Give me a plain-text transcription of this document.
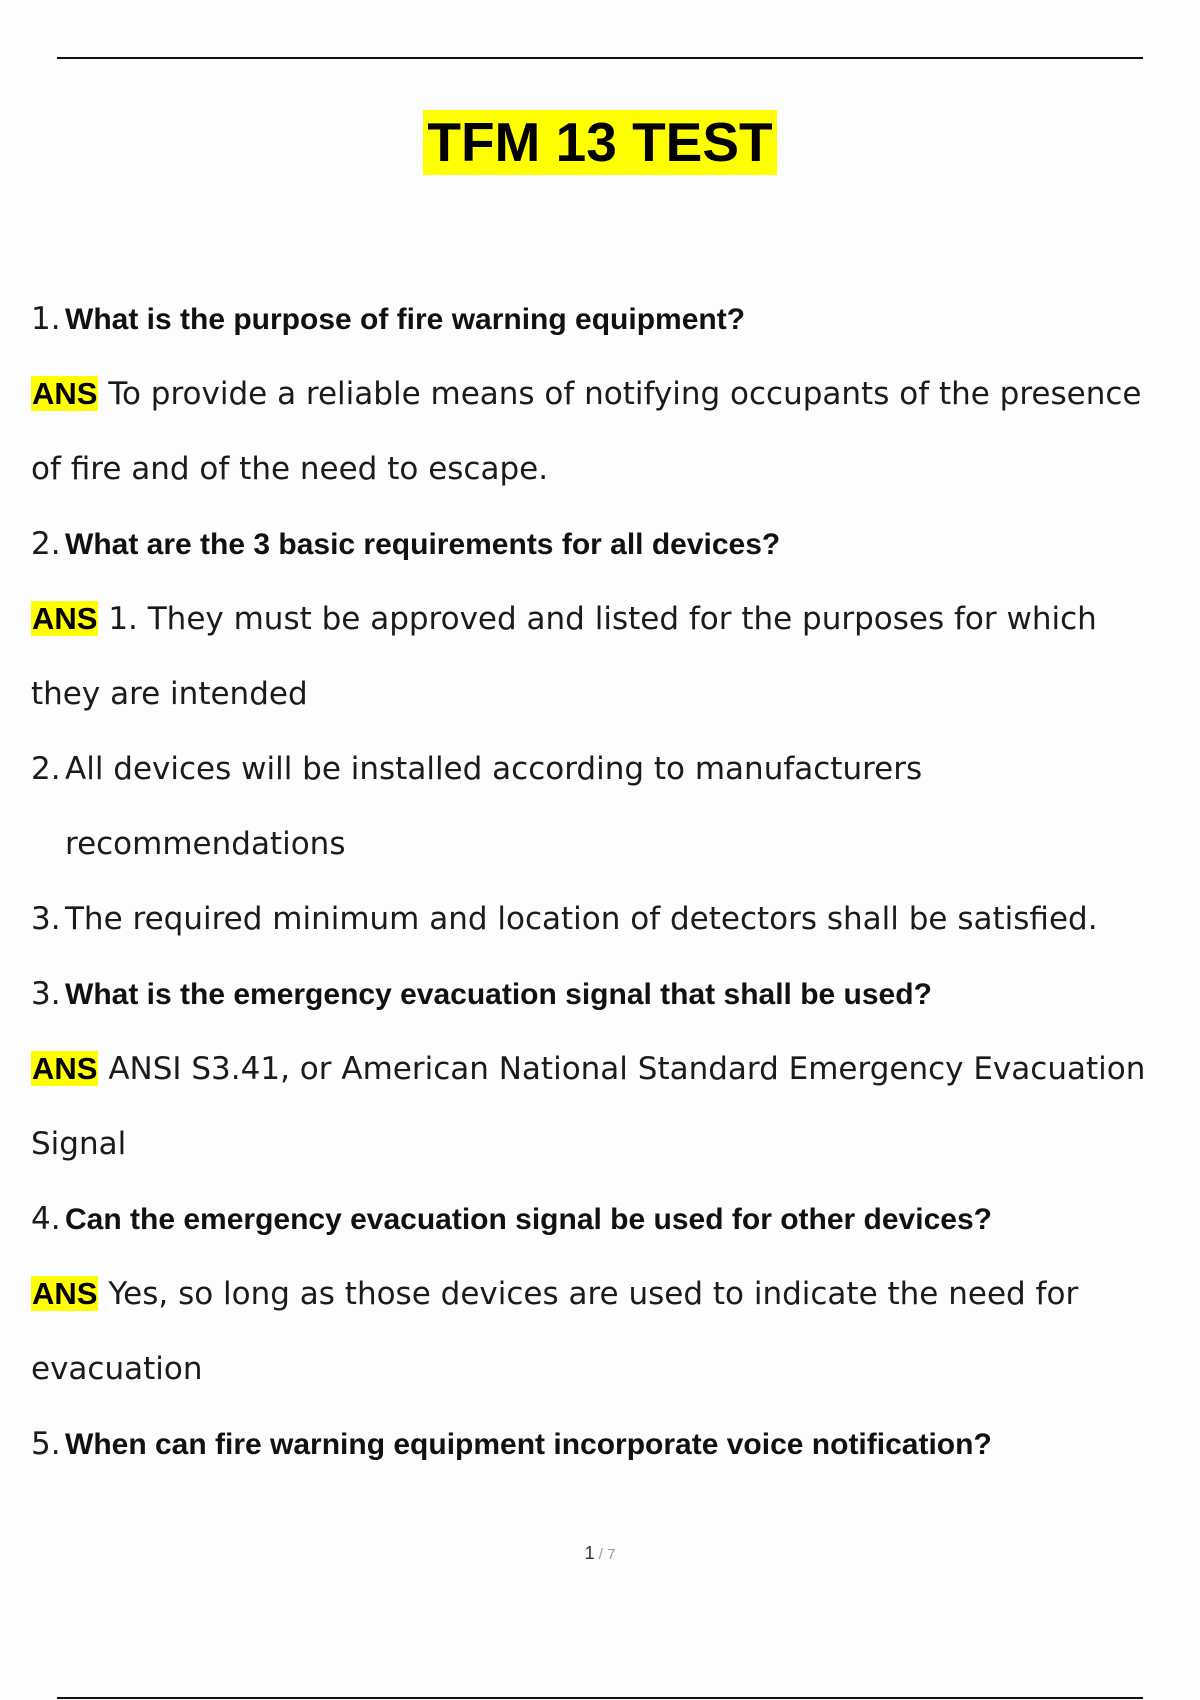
TFM 13 TEST
1. What is the purpose of fire warning equipment?
ANS To provide a reliable means of notifying occupants of the presence
of fire and of the need to escape.
2. What are the 3 basic requirements for all devices?
ANS 1. They must be approved and listed for the purposes for which
they are intended
2. All devices will be installed according to manufacturers
recommendations
3. The required minimum and location of detectors shall be satisfied.
3. What is the emergency evacuation signal that shall be used?
ANS ANSI S3.41, or American National Standard Emergency Evacuation
Signal
4. Can the emergency evacuation signal be used for other devices?
ANS Yes, so long as those devices are used to indicate the need for
evacuation
5. When can fire warning equipment incorporate voice notification?
1 / 7
